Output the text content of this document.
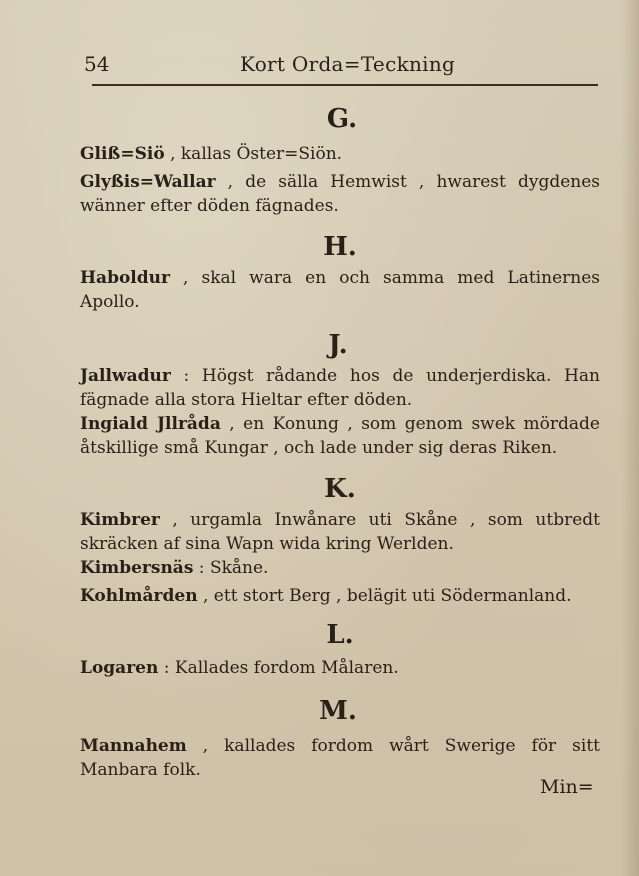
54	Kort Orda=Teckning
G.

Gliß=Siö , kallas Öster=Siön.

Glyßis=Wallar , de sälla Hemwist , hwarest dygdenes wänner efter döden fägnades.

H.

Haboldur , skal wara en och samma med Latinernes Apollo.

J.

Jallwadur : Högst rådande hos de underjerdiska. Han fägnade alla stora Hieltar efter döden.

Ingiald Jllråda , en Konung , som genom swek mördade åtskillige små Kungar , och lade under sig deras Riken.

K.

Kimbrer , urgamla Inwånare uti Skåne , som utbredt skräcken af sina Wapn wida kring Werlden.

Kimbersnäs : Skåne.

Kohlmården , ett stort Berg , belägit uti Södermanland.

L.

Logaren : Kallades fordom Målaren.

M.

Mannahem , kallades fordom wårt Swerige för sitt Manbara folk.

Min=
